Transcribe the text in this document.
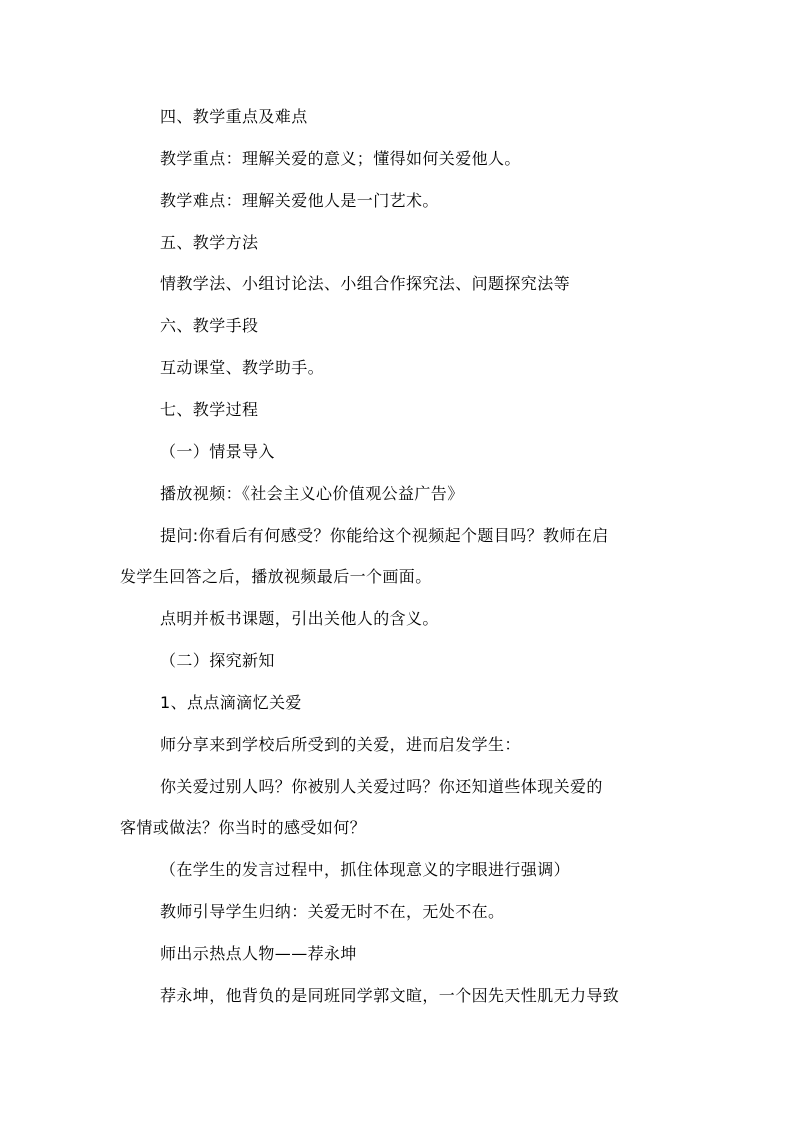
四、教学重点及难点
教学重点：理解关爱的意义；懂得如何关爱他人。
教学难点：理解关爱他人是一门艺术。
五、教学方法
情教学法、小组讨论法、小组合作探究法、问题探究法等
六、教学手段
互动课堂、教学助手。
七、教学过程
（一）情景导入
播放视频：《社会主义心价值观公益广告》
提问:你看后有何感受？你能给这个视频起个题目吗？教师在启
发学生回答之后，播放视频最后一个画面。
点明并板书课题，引出关他人的含义。
（二）探究新知
1、点点滴滴忆关爱
师分享来到学校后所受到的关爱，进而启发学生：
你关爱过别人吗？你被别人关爱过吗？你还知道些体现关爱的
客情或做法？你当时的感受如何？
（在学生的发言过程中，抓住体现意义的字眼进行强调）
教师引导学生归纳：关爱无时不在，无处不在。
师出示热点人物——荐永坤
荐永坤，他背负的是同班同学郭文暄，一个因先天性肌无力导致
